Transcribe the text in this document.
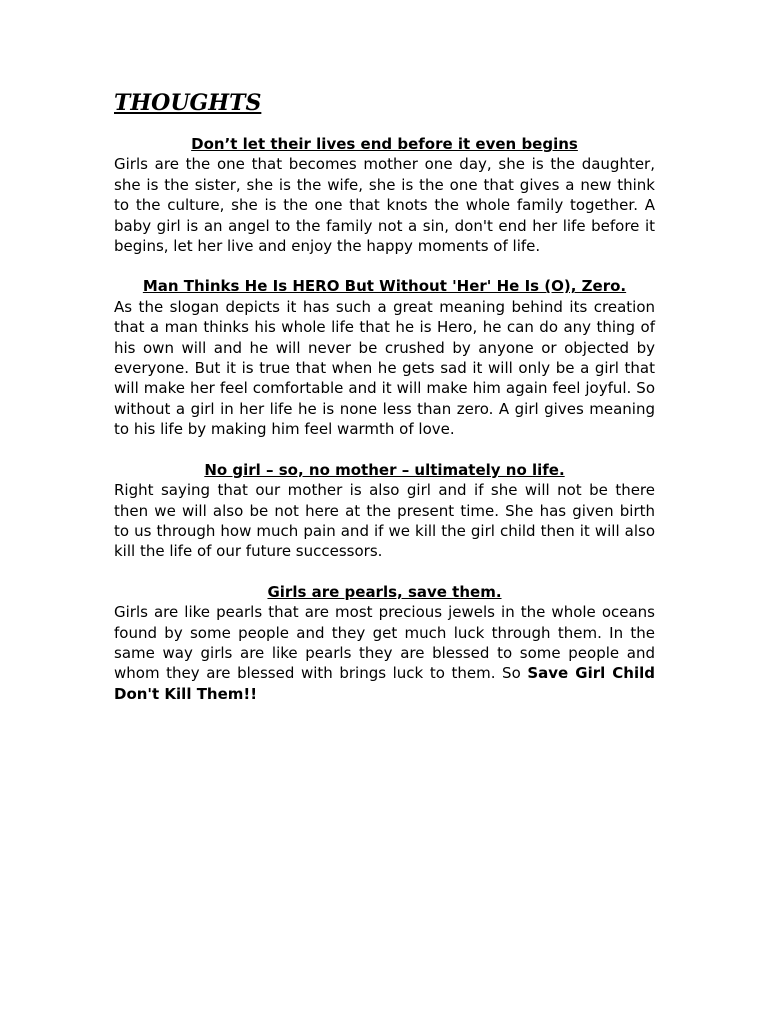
THOUGHTS

Don’t let their lives end before it even begins

Girls are the one that becomes mother one day, she is the daughter, she is the sister, she is the wife, she is the one that gives a new think to the culture, she is the one that knots the whole family together. A baby girl is an angel to the family not a sin, don't end her life before it begins, let her live and enjoy the happy moments of life.

Man Thinks He Is HERO But Without 'Her' He Is (O), Zero.

As the slogan depicts it has such a great meaning behind its creation that a man thinks his whole life that he is Hero, he can do any thing of his own will and he will never be crushed by anyone or objected by everyone. But it is true that when he gets sad it will only be a girl that will make her feel comfortable and it will make him again feel joyful. So without a girl in her life he is none less than zero. A girl gives meaning to his life by making him feel warmth of love.

No girl – so, no mother – ultimately no life.

Right saying that our mother is also girl and if she will not be there then we will also be not here at the present time. She has given birth to us through how much pain and if we kill the girl child then it will also kill the life of our future successors.

Girls are pearls, save them.

Girls are like pearls that are most precious jewels in the whole oceans found by some people and they get much luck through them. In the same way girls are like pearls they are blessed to some people and whom they are blessed with brings luck to them. So Save Girl Child Don't Kill Them!!
